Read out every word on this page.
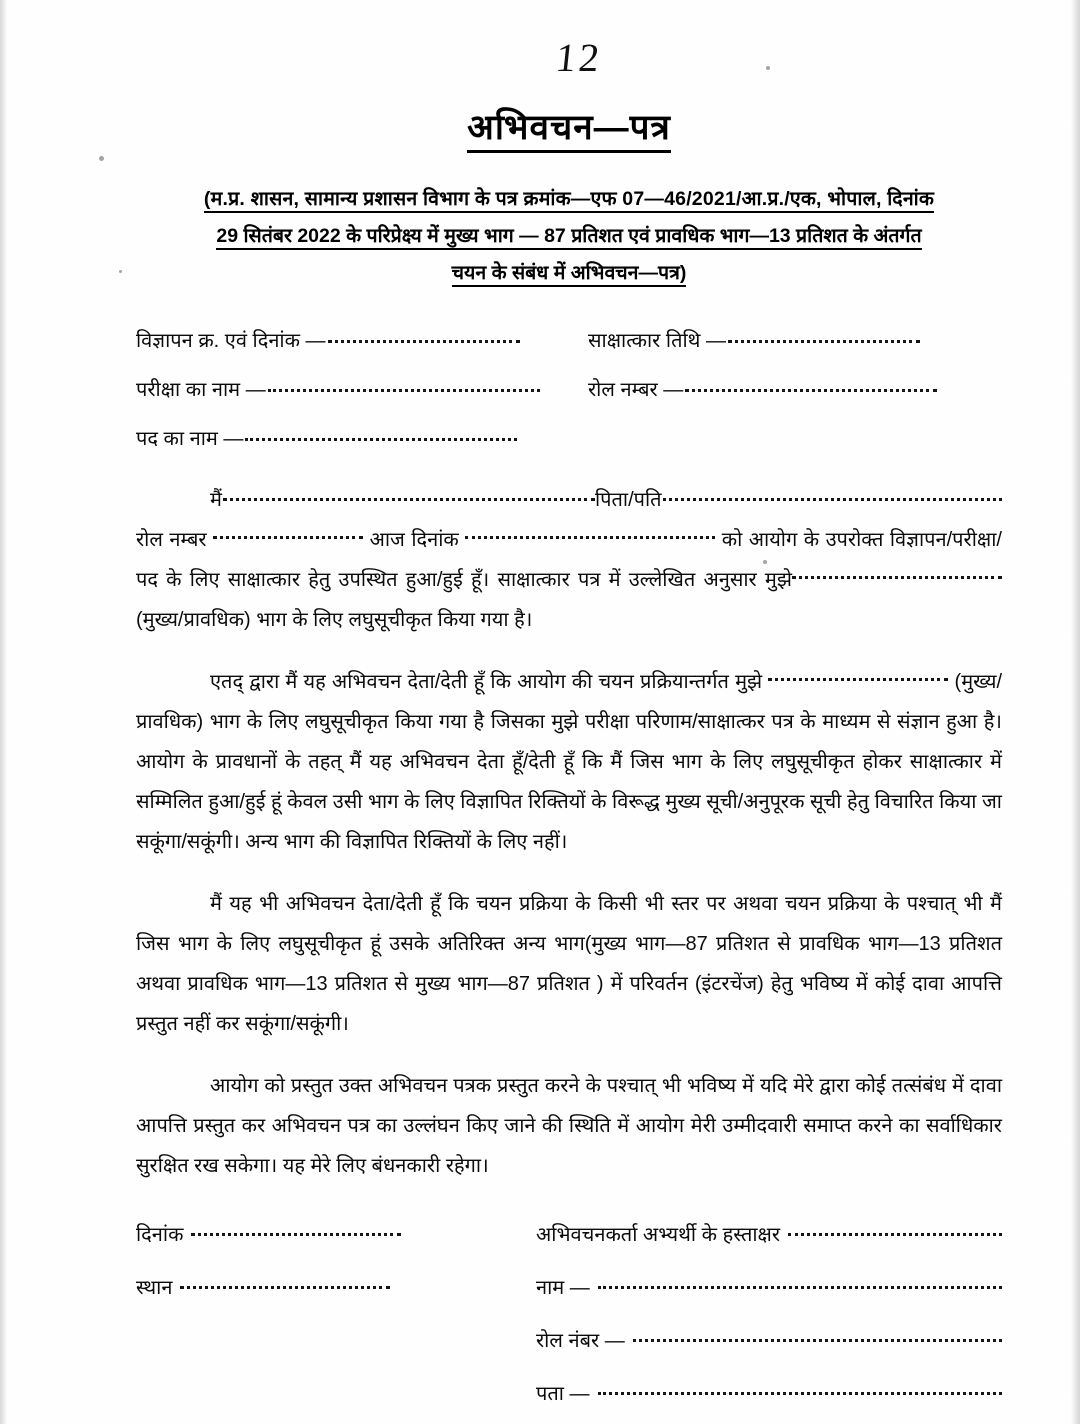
12
अभिवचन—पत्र
(म.प्र. शासन, सामान्य प्रशासन विभाग के पत्र क्रमांक—एफ 07—46/2021/आ.प्र./एक, भोपाल, दिनांक
29 सितंबर 2022 के परिप्रेक्ष्य में मुख्य भाग — 87 प्रतिशत एवं प्रावधिक भाग—13 प्रतिशत के अंतर्गत
चयन के संबंध में अभिवचन—पत्र)
विज्ञापन क्र. एवं दिनांक —	साक्षात्कार तिथि —
परीक्षा का नाम —	रोल नम्बर —
पद का नाम —
मैं	पिता/पति

रोल नम्बर	आज दिनांक	को आयोग के उपरोक्त विज्ञापन/परीक्षा/पद के लिए साक्षात्कार हेतु उपस्थित हुआ/हुई हूँ। साक्षात्कार पत्र में उल्लेखित अनुसार मुझे (मुख्य/प्रावधिक) भाग के लिए लघुसूचीकृत किया गया है।

एतद् द्वारा मैं यह अभिवचन देता/देती हूँ कि आयोग की चयन प्रक्रियान्तर्गत मुझे	(मुख्य/प्रावधिक) भाग के लिए लघुसूचीकृत किया गया है जिसका मुझे परीक्षा परिणाम/साक्षात्कर पत्र के माध्यम से संज्ञान हुआ है। आयोग के प्रावधानों के तहत् मैं यह अभिवचन देता हूँ/देती हूँ कि मैं जिस भाग के लिए लघुसूचीकृत होकर साक्षात्कार में सम्मिलित हुआ/हुई हूं केवल उसी भाग के लिए विज्ञापित रिक्तियों के विरूद्ध मुख्य सूची/अनुपूरक सूची हेतु विचारित किया जा सकूंगा/सकूंगी। अन्य भाग की विज्ञापित रिक्तियों के लिए नहीं।

मैं यह भी अभिवचन देता/देती हूँ कि चयन प्रक्रिया के किसी भी स्तर पर अथवा चयन प्रक्रिया के पश्चात् भी मैं जिस भाग के लिए लघुसूचीकृत हूं उसके अतिरिक्त अन्य भाग(मुख्य भाग—87 प्रतिशत से प्रावधिक भाग—13 प्रतिशत अथवा प्रावधिक भाग—13 प्रतिशत से मुख्य भाग—87 प्रतिशत ) में परिवर्तन (इंटरचेंज) हेतु भविष्य में कोई दावा आपत्ति प्रस्तुत नहीं कर सकूंगा/सकूंगी।

आयोग को प्रस्तुत उक्त अभिवचन पत्रक प्रस्तुत करने के पश्चात् भी भविष्य में यदि मेरे द्वारा कोई तत्संबंध में दावा आपत्ति प्रस्तुत कर अभिवचन पत्र का उल्लंघन किए जाने की स्थिति में आयोग मेरी उम्मीदवारी समाप्त करने का सर्वाधिकार सुरक्षित रख सकेगा। यह मेरे लिए बंधनकारी रहेगा।

दिनांक
स्थान
अभिवचनकर्ता अभ्यर्थी के हस्ताक्षर
नाम —
रोल नंबर —
पता —
